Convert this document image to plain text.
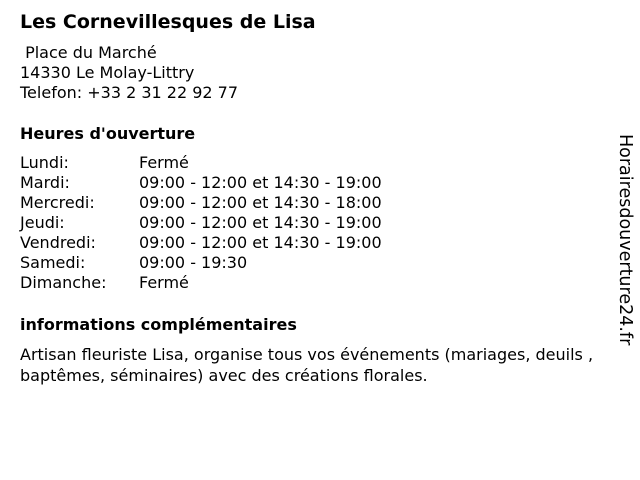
Les Cornevillesques de Lisa
Place du Marché
14330 Le Molay-Littry
Telefon: +33 2 31 22 92 77
Heures d'ouverture
Lundi:	Fermé
Mardi:	09:00 - 12:00 et 14:30 - 19:00
Mercredi:	09:00 - 12:00 et 14:30 - 18:00
Jeudi:	09:00 - 12:00 et 14:30 - 19:00
Vendredi:	09:00 - 12:00 et 14:30 - 19:00
Samedi:	09:00 - 19:30
Dimanche:	Fermé
informations complémentaires
Artisan fleuriste Lisa, organise tous vos événements (mariages, deuils , baptêmes, séminaires) avec des créations florales.
Horairesdouverture24.fr
